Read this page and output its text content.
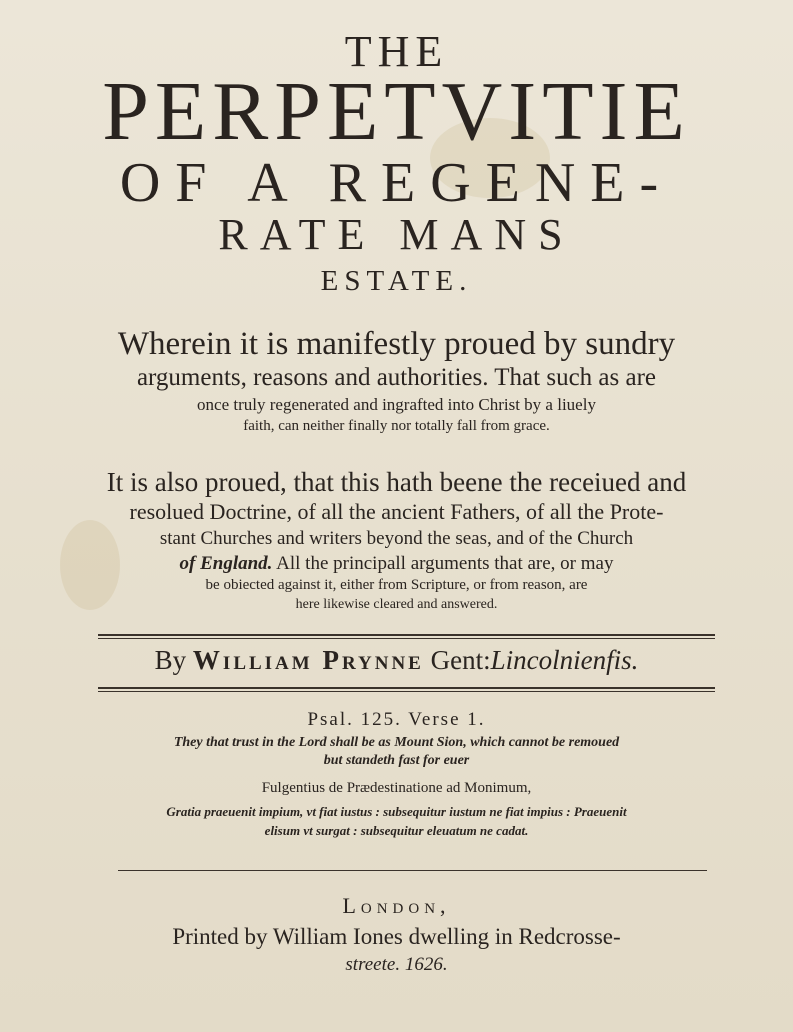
THE
PERPETVITIE
OF A REGENE-
RATE MANS
ESTATE.
Wherein it is manifestly proued by sundry
arguments, reasons and authorities. That such as are
once truly regenerated and ingrafted into Christ by a liuely
faith, can neither finally nor totally fall from grace.
It is also proued, that this hath beene the receiued and
resolued Doctrine, of all the ancient Fathers, of all the Prote-
stant Churches and writers beyond the seas, and of the Church
of England. All the principall arguments that are, or may
be obiected against it, either from Scripture, or from reason, are
here likewise cleared and answered.
By William Prynne Gent:Lincolnienfis.
Psal. 125. Verse 1.
They that trust in the Lord shall be as Mount Sion, which cannot be remoued
but standeth fast for euer
Fulgentius de Prædestinatione ad Monimum,
Gratia praeuenit impium, vt fiat iustus : subsequitur iustum ne fiat impius : Praeuenit
elisum vt surgat : subsequitur eleuatum ne cadat.
London,
Printed by William Iones dwelling in Redcrosse-
streete. 1626.
